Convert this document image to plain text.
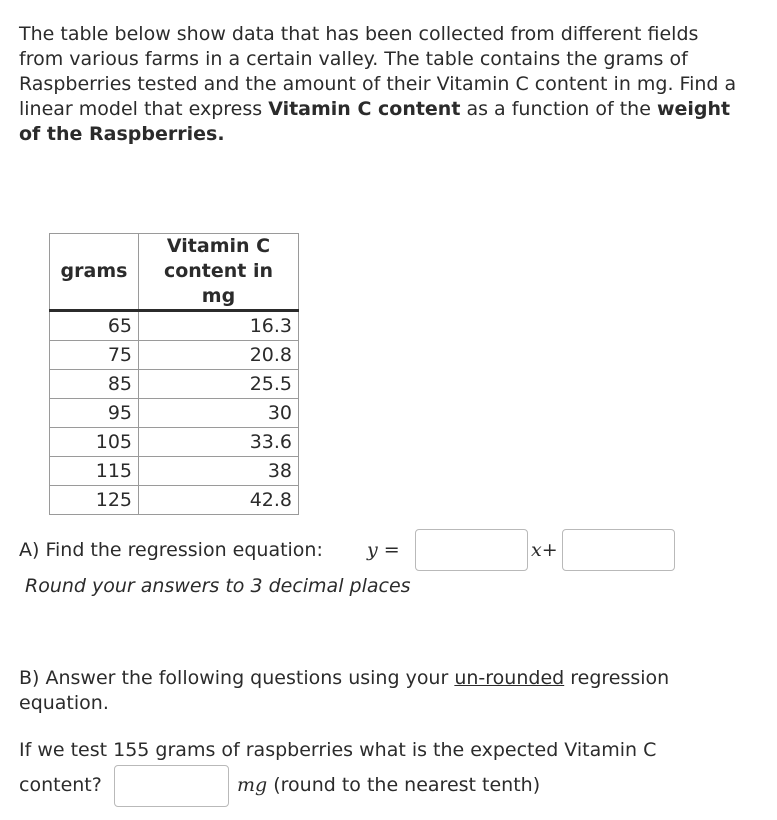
The table below show data that has been collected from different fields from various farms in a certain valley. The table contains the grams of Raspberries tested and the amount of their Vitamin C content in mg. Find a linear model that express Vitamin C content as a function of the weight of the Raspberries.
grams	Vitamin C
content in mg

65	16.3
75	20.8
85	25.5
95	30
105	33.6
115	38
125	42.8
A) Find the regression equation: y =	x+
Round your answers to 3 decimal places
B) Answer the following questions using your un-rounded regression equation.
If we test 155 grams of raspberries what is the expected Vitamin C
content?	mg (round to the nearest tenth)
